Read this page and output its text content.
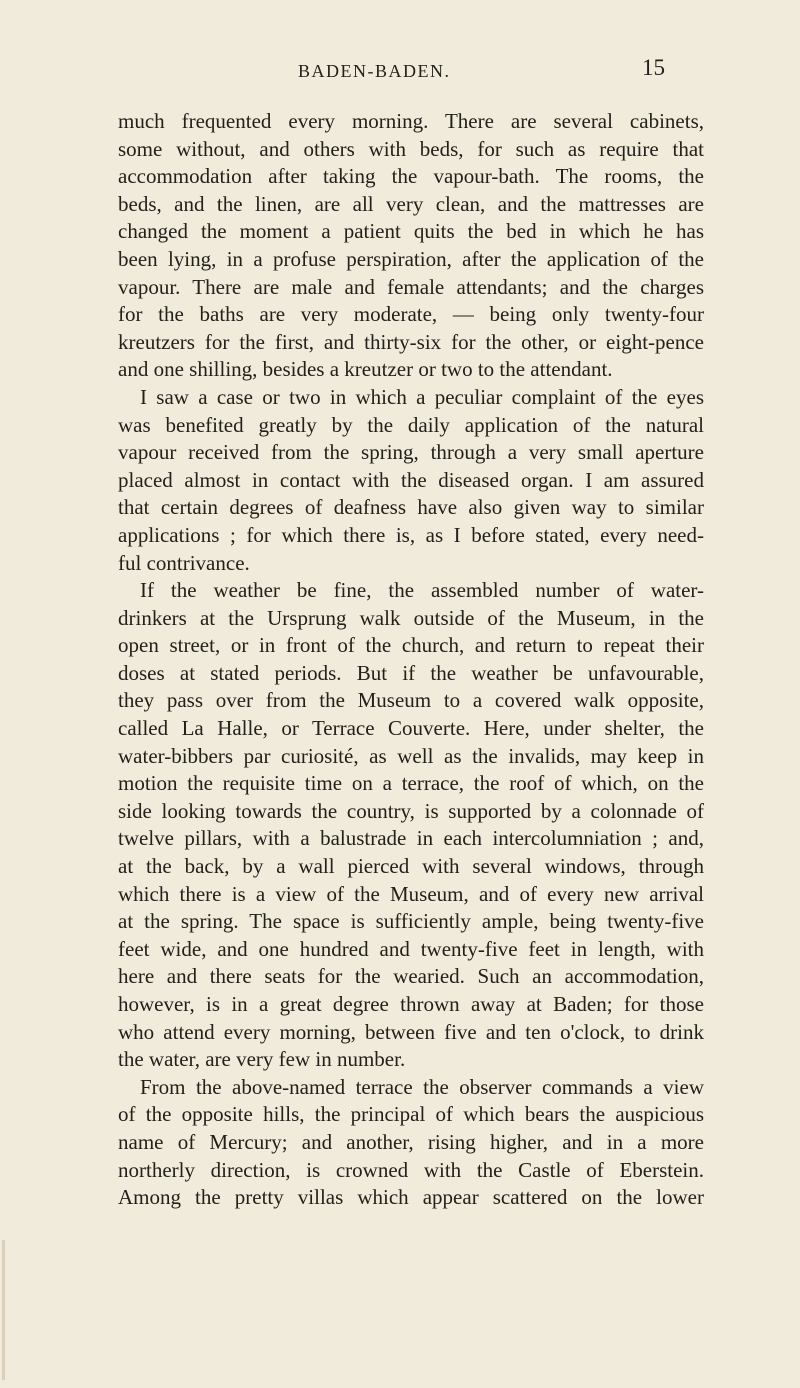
BADEN-BADEN.	15
much frequented every morning. There are several cabinets,
some without, and others with beds, for such as require that
accommodation after taking the vapour-bath. The rooms, the
beds, and the linen, are all very clean, and the mattresses are
changed the moment a patient quits the bed in which he has
been lying, in a profuse perspiration, after the application of the
vapour. There are male and female attendants; and the charges
for the baths are very moderate, — being only twenty-four
kreutzers for the first, and thirty-six for the other, or eight-pence
and one shilling, besides a kreutzer or two to the attendant.
I saw a case or two in which a peculiar complaint of the eyes
was benefited greatly by the daily application of the natural
vapour received from the spring, through a very small aperture
placed almost in contact with the diseased organ. I am assured
that certain degrees of deafness have also given way to similar
applications ; for which there is, as I before stated, every need-
ful contrivance.
If the weather be fine, the assembled number of water-
drinkers at the Ursprung walk outside of the Museum, in the
open street, or in front of the church, and return to repeat their
doses at stated periods. But if the weather be unfavourable,
they pass over from the Museum to a covered walk opposite,
called La Halle, or Terrace Couverte. Here, under shelter, the
water-bibbers par curiosité, as well as the invalids, may keep in
motion the requisite time on a terrace, the roof of which, on the
side looking towards the country, is supported by a colonnade of
twelve pillars, with a balustrade in each intercolumniation ; and,
at the back, by a wall pierced with several windows, through
which there is a view of the Museum, and of every new arrival
at the spring. The space is sufficiently ample, being twenty-five
feet wide, and one hundred and twenty-five feet in length, with
here and there seats for the wearied. Such an accommodation,
however, is in a great degree thrown away at Baden; for those
who attend every morning, between five and ten o'clock, to drink
the water, are very few in number.
From the above-named terrace the observer commands a view
of the opposite hills, the principal of which bears the auspicious
name of Mercury; and another, rising higher, and in a more
northerly direction, is crowned with the Castle of Eberstein.
Among the pretty villas which appear scattered on the lower
